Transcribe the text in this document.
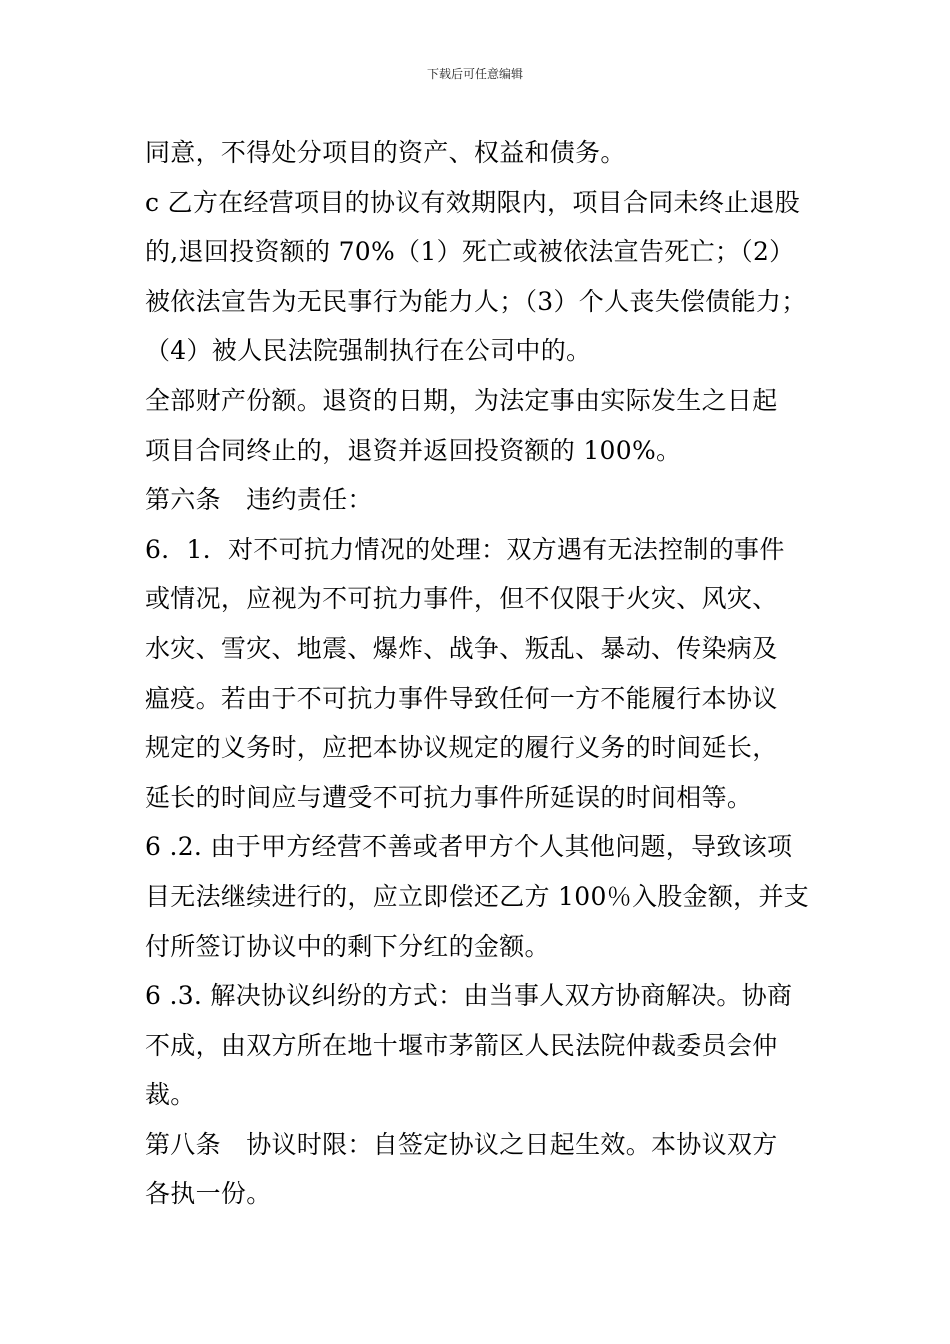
下载后可任意编辑
同意，不得处分项目的资产、权益和债务。
c 乙方在经营项目的协议有效期限内，项目合同未终止退股
的,退回投资额的 70%（1）死亡或被依法宣告死亡；（2）
被依法宣告为无民事行为能力人；（3）个人丧失偿债能力；
（4）被人民法院强制执行在公司中的。
全部财产份额。退资的日期，为法定事由实际发生之日起
项目合同终止的，退资并返回投资额的 100%。
第六条　违约责任：
6．1．对不可抗力情况的处理：双方遇有无法控制的事件
或情况，应视为不可抗力事件，但不仅限于火灾、风灾、
水灾、雪灾、地震、爆炸、战争、叛乱、暴动、传染病及
瘟疫。若由于不可抗力事件导致任何一方不能履行本协议
规定的义务时，应把本协议规定的履行义务的时间延长，
延长的时间应与遭受不可抗力事件所延误的时间相等。
6 .2. 由于甲方经营不善或者甲方个人其他问题，导致该项
目无法继续进行的，应立即偿还乙方 100％入股金额，并支
付所签订协议中的剩下分红的金额。
6 .3. 解决协议纠纷的方式：由当事人双方协商解决。协商
不成，由双方所在地十堰市茅箭区人民法院仲裁委员会仲
裁。
第八条　协议时限：自签定协议之日起生效。本协议双方
各执一份。
